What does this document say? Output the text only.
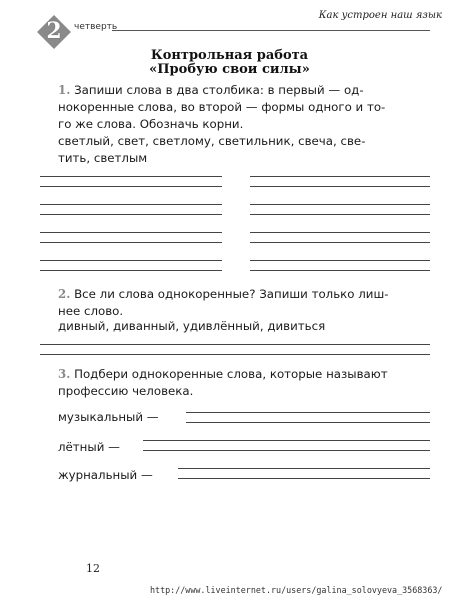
2	четверть
Как устроен наш язык
Контрольная работа
«Пробую свои силы»
1. Запиши слова в два столбика: в первый — од-
нокоренные слова, во второй — формы одного и то-
го же слова. Обозначь корни.
светлый, свет, светлому, светильник, свеча, све-
тить, светлым
2. Все ли слова однокоренные? Запиши только лиш-
нее слово.
дивный, диванный, удивлённый, дивиться
3. Подбери однокоренные слова, которые называют
профессию человека.
музыкальный —
лётный —
журнальный —
12
http://www.liveinternet.ru/users/galina_solovyeva_3568363/
